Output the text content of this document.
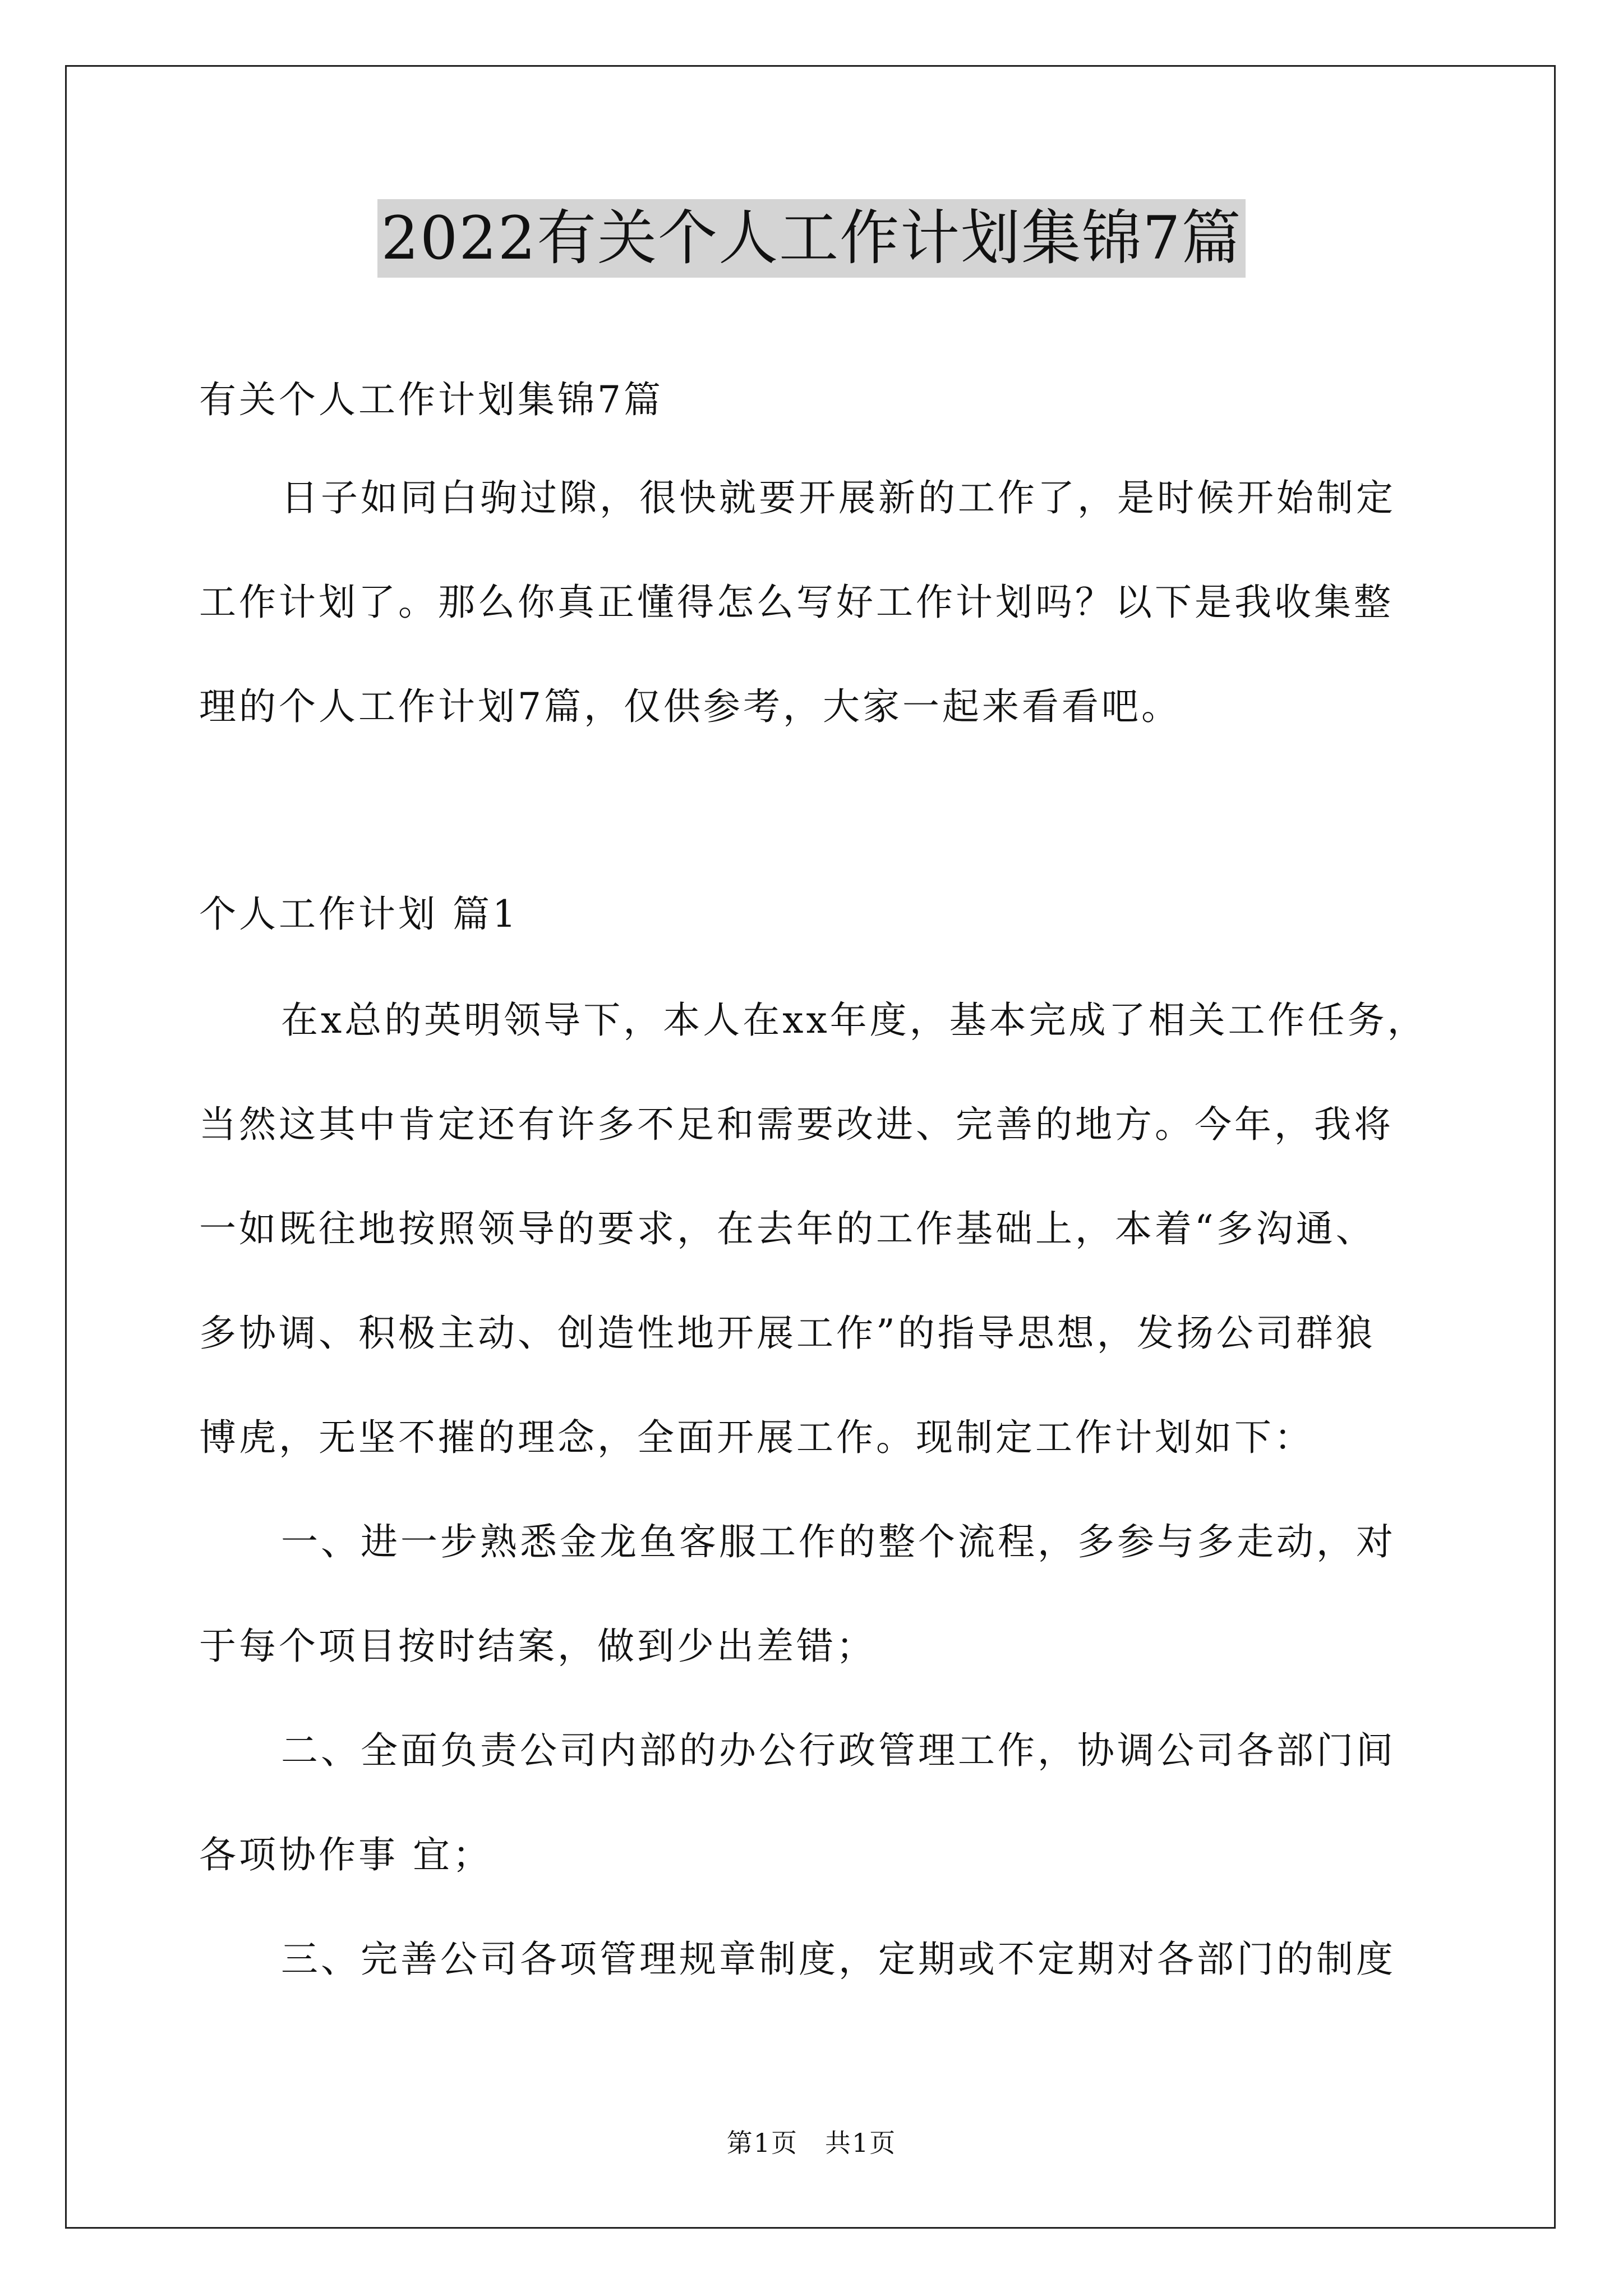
2022有关个人工作计划集锦7篇
有关个人工作计划集锦7篇
日子如同白驹过隙，很快就要开展新的工作了，是时候开始制定
工作计划了。那么你真正懂得怎么写好工作计划吗？以下是我收集整
理的个人工作计划7篇，仅供参考，大家一起来看看吧。
个人工作计划 篇1
在x总的英明领导下，本人在xx年度，基本完成了相关工作任务，
当然这其中肯定还有许多不足和需要改进、完善的地方。今年，我将
一如既往地按照领导的要求，在去年的工作基础上，本着“多沟通、
多协调、积极主动、创造性地开展工作”的指导思想，发扬公司群狼
博虎，无坚不摧的理念，全面开展工作。现制定工作计划如下：
一、进一步熟悉金龙鱼客服工作的整个流程，多参与多走动，对
于每个项目按时结案，做到少出差错；
二、全面负责公司内部的办公行政管理工作，协调公司各部门间
各项协作事 宜；
三、完善公司各项管理规章制度，定期或不定期对各部门的制度
第1页　共1页
